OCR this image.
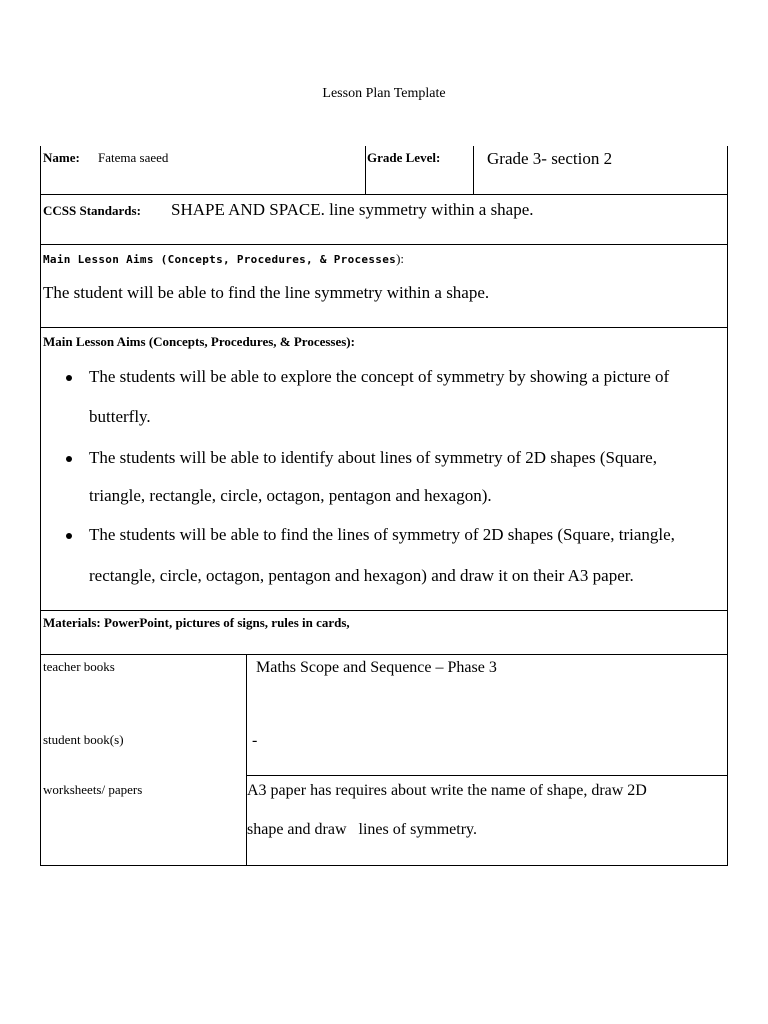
Lesson Plan Template
Name: Fatema saeed	Grade Level:	Grade 3- section 2
CCSS Standards: SHAPE AND SPACE. line symmetry within a shape.
Main Lesson Aims (Concepts, Procedures, & Processes):
The student will be able to find the line symmetry within a shape.
Main Lesson Aims (Concepts, Procedures, & Processes):
The students will be able to explore the concept of symmetry by showing a picture of
butterfly.
The students will be able to identify about lines of symmetry of 2D shapes (Square,
triangle, rectangle, circle, octagon, pentagon and hexagon).
The students will be able to find the lines of symmetry of 2D shapes (Square, triangle,
rectangle, circle, octagon, pentagon and hexagon) and draw it on their A3 paper.
Materials: PowerPoint, pictures of signs, rules in cards,
teacher books	Maths Scope and Sequence – Phase 3
student book(s)	-
worksheets/ papers	A3 paper has requires about write the name of shape, draw 2D
shape and draw   lines of symmetry.
